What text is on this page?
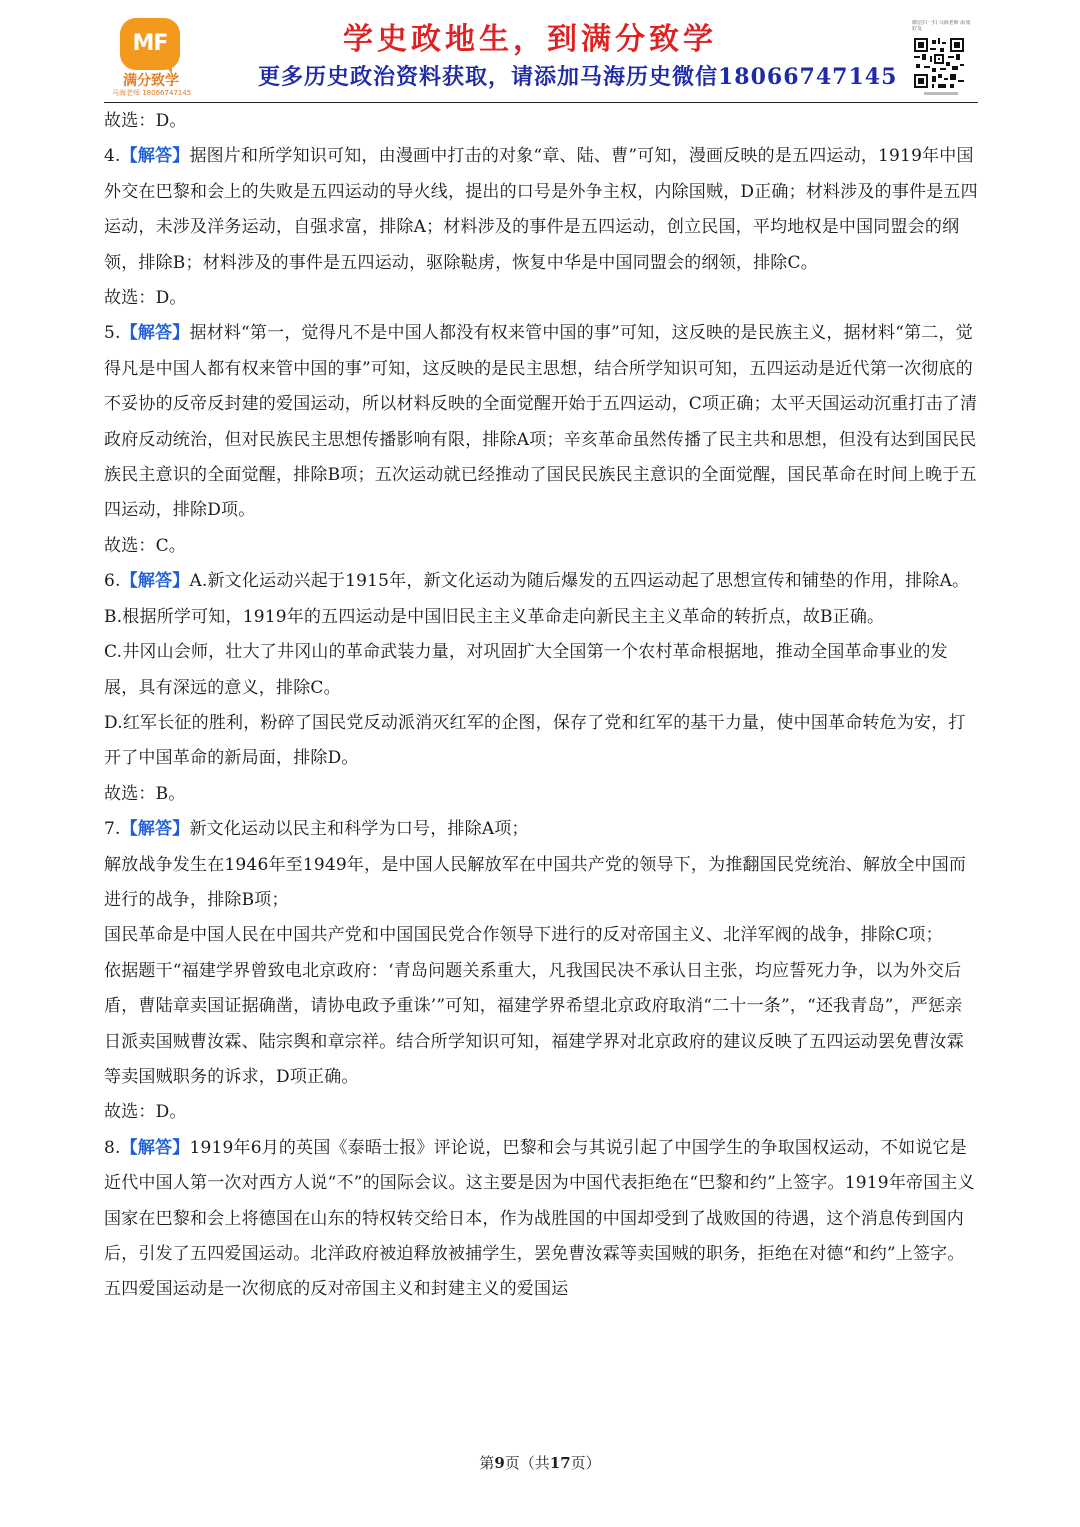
MF
满分致学
马海老师 18066747145
学史政地生，到满分致学
更多历史政治资料获取，请添加马海历史微信18066747145
微信扫一扫 马海老师 添加好友

故选：D。

4.【解答】据图片和所学知识可知，由漫画中打击的对象“章、陆、曹”可知，漫画反映的是五四运动，1919年中国外交在巴黎和会上的失败是五四运动的导火线，提出的口号是外争主权，内除国贼，D正确；材料涉及的事件是五四运动，未涉及洋务运动，自强求富，排除A；材料涉及的事件是五四运动，创立民国，平均地权是中国同盟会的纲领，排除B；材料涉及的事件是五四运动，驱除鞑虏，恢复中华是中国同盟会的纲领，排除C。

故选：D。

5.【解答】据材料“第一，觉得凡不是中国人都没有权来管中国的事”可知，这反映的是民族主义，据材料“第二，觉得凡是中国人都有权来管中国的事”可知，这反映的是民主思想，结合所学知识可知，五四运动是近代第一次彻底的不妥协的反帝反封建的爱国运动，所以材料反映的全面觉醒开始于五四运动，C项正确；太平天国运动沉重打击了清政府反动统治，但对民族民主思想传播影响有限，排除A项；辛亥革命虽然传播了民主共和思想，但没有达到国民民族民主意识的全面觉醒，排除B项；五次运动就已经推动了国民民族民主意识的全面觉醒，国民革命在时间上晚于五四运动，排除D项。

故选：C。

6.【解答】A.新文化运动兴起于1915年，新文化运动为随后爆发的五四运动起了思想宣传和铺垫的作用，排除A。

B.根据所学可知，1919年的五四运动是中国旧民主主义革命走向新民主主义革命的转折点，故B正确。

C.井冈山会师，壮大了井冈山的革命武装力量，对巩固扩大全国第一个农村革命根据地，推动全国革命事业的发展，具有深远的意义，排除C。

D.红军长征的胜利，粉碎了国民党反动派消灭红军的企图，保存了党和红军的基干力量，使中国革命转危为安，打开了中国革命的新局面，排除D。

故选：B。

7.【解答】新文化运动以民主和科学为口号，排除A项；

解放战争发生在1946年至1949年，是中国人民解放军在中国共产党的领导下，为推翻国民党统治、解放全中国而进行的战争，排除B项；

国民革命是中国人民在中国共产党和中国国民党合作领导下进行的反对帝国主义、北洋军阀的战争，排除C项；

依据题干“福建学界曾致电北京政府：‘青岛问题关系重大，凡我国民决不承认日主张，均应誓死力争，以为外交后盾，曹陆章卖国证据确凿，请协电政予重诛’”可知，福建学界希望北京政府取消“二十一条”，“还我青岛”，严惩亲日派卖国贼曹汝霖、陆宗舆和章宗祥。结合所学知识可知，福建学界对北京政府的建议反映了五四运动罢免曹汝霖等卖国贼职务的诉求，D项正确。

故选：D。

8.【解答】1919年6月的英国《泰晤士报》评论说，巴黎和会与其说引起了中国学生的争取国权运动，不如说它是近代中国人第一次对西方人说“不”的国际会议。这主要是因为中国代表拒绝在“巴黎和约”上签字。1919年帝国主义国家在巴黎和会上将德国在山东的特权转交给日本，作为战胜国的中国却受到了战败国的待遇，这个消息传到国内后，引发了五四爱国运动。北洋政府被迫释放被捕学生，罢免曹汝霖等卖国贼的职务，拒绝在对德“和约”上签字。五四爱国运动是一次彻底的反对帝国主义和封建主义的爱国运

第9页（共17页）
